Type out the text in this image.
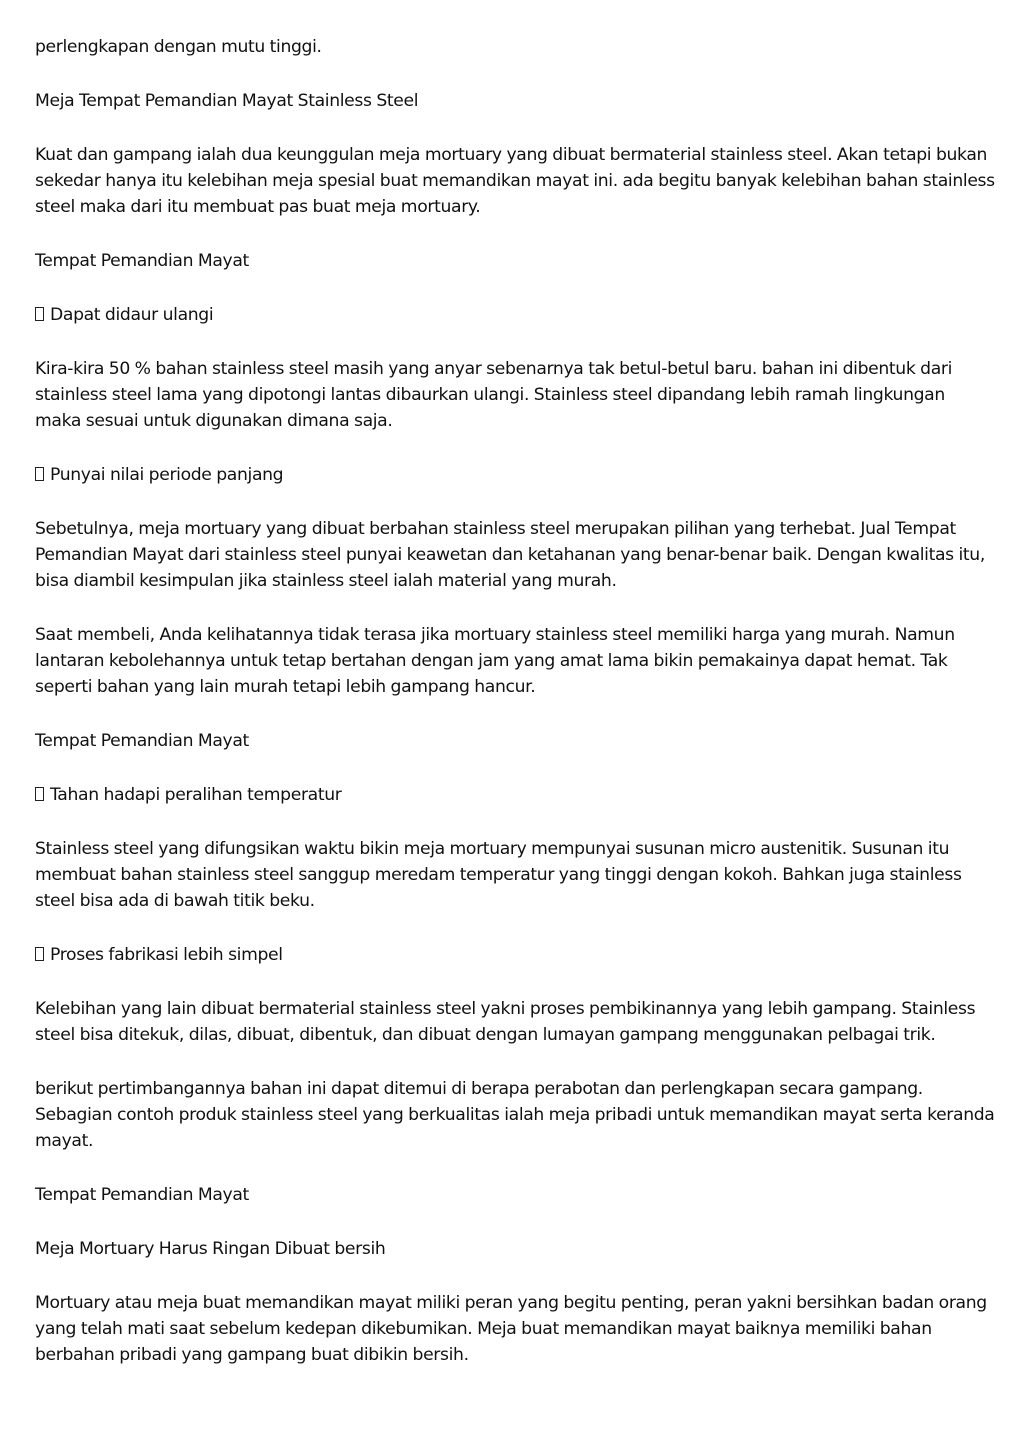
perlengkapan dengan mutu tinggi.

Meja Tempat Pemandian Mayat Stainless Steel

Kuat dan gampang ialah dua keunggulan meja mortuary yang dibuat bermaterial stainless steel. Akan tetapi bukan sekedar hanya itu kelebihan meja spesial buat memandikan mayat ini. ada begitu banyak kelebihan bahan stainless steel maka dari itu membuat pas buat meja mortuary.

Tempat Pemandian Mayat

Dapat didaur ulangi

Kira-kira 50 % bahan stainless steel masih yang anyar sebenarnya tak betul-betul baru. bahan ini dibentuk dari stainless steel lama yang dipotongi lantas dibaurkan ulangi. Stainless steel dipandang lebih ramah lingkungan maka sesuai untuk digunakan dimana saja.

Punyai nilai periode panjang

Sebetulnya, meja mortuary yang dibuat berbahan stainless steel merupakan pilihan yang terhebat. Jual Tempat Pemandian Mayat dari stainless steel punyai keawetan dan ketahanan yang benar-benar baik. Dengan kwalitas itu, bisa diambil kesimpulan jika stainless steel ialah material yang murah.

Saat membeli, Anda kelihatannya tidak terasa jika mortuary stainless steel memiliki harga yang murah. Namun lantaran kebolehannya untuk tetap bertahan dengan jam yang amat lama bikin pemakainya dapat hemat. Tak seperti bahan yang lain murah tetapi lebih gampang hancur.

Tempat Pemandian Mayat

Tahan hadapi peralihan temperatur

Stainless steel yang difungsikan waktu bikin meja mortuary mempunyai susunan micro austenitik. Susunan itu membuat bahan stainless steel sanggup meredam temperatur yang tinggi dengan kokoh. Bahkan juga stainless steel bisa ada di bawah titik beku.

Proses fabrikasi lebih simpel

Kelebihan yang lain dibuat bermaterial stainless steel yakni proses pembikinannya yang lebih gampang. Stainless steel bisa ditekuk, dilas, dibuat, dibentuk, dan dibuat dengan lumayan gampang menggunakan pelbagai trik.

berikut pertimbangannya bahan ini dapat ditemui di berapa perabotan dan perlengkapan secara gampang. Sebagian contoh produk stainless steel yang berkualitas ialah meja pribadi untuk memandikan mayat serta keranda mayat.

Tempat Pemandian Mayat

Meja Mortuary Harus Ringan Dibuat bersih

Mortuary atau meja buat memandikan mayat miliki peran yang begitu penting, peran yakni bersihkan badan orang yang telah mati saat sebelum kedepan dikebumikan. Meja buat memandikan mayat baiknya memiliki bahan berbahan pribadi yang gampang buat dibikin bersih.
